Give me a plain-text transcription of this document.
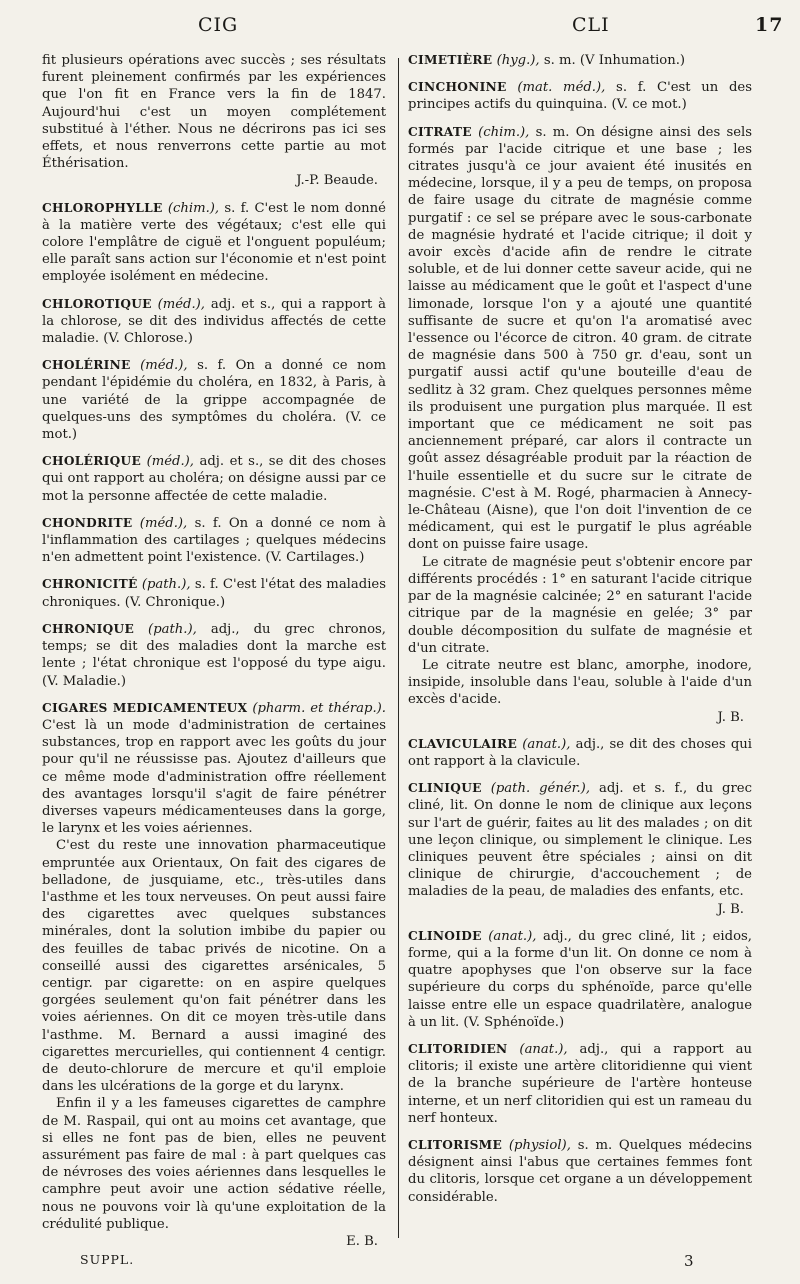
CIG	CLI	17

fit plusieurs opérations avec succès ; ses résultats furent pleinement confirmés par les expériences que l'on fit en France vers la fin de 1847. Aujourd'hui c'est un moyen complétement substitué à l'éther. Nous ne décrirons pas ici ses effets, et nous renverrons cette partie au mot Éthérisation.

J.-P. Beaude.

CHLOROPHYLLE (chim.), s. f. C'est le nom donné à la matière verte des végétaux; c'est elle qui colore l'emplâtre de ciguë et l'onguent populéum; elle paraît sans action sur l'économie et n'est point employée isolément en médecine.

CHLOROTIQUE (méd.), adj. et s., qui a rapport à la chlorose, se dit des individus affectés de cette maladie. (V. Chlorose.)

CHOLÉRINE (méd.), s. f. On a donné ce nom pendant l'épidémie du choléra, en 1832, à Paris, à une variété de la grippe accompagnée de quelques-uns des symptômes du choléra. (V. ce mot.)

CHOLÉRIQUE (méd.), adj. et s., se dit des choses qui ont rapport au choléra; on désigne aussi par ce mot la personne affectée de cette maladie.

CHONDRITE (méd.), s. f. On a donné ce nom à l'inflammation des cartilages ; quelques médecins n'en admettent point l'existence. (V. Cartilages.)

CHRONICITÉ (path.), s. f. C'est l'état des maladies chroniques. (V. Chronique.)

CHRONIQUE (path.), adj., du grec chronos, temps; se dit des maladies dont la marche est lente ; l'état chronique est l'opposé du type aigu. (V. Maladie.)

CIGARES MEDICAMENTEUX (pharm. et thérap.). C'est là un mode d'administration de certaines substances, trop en rapport avec les goûts du jour pour qu'il ne réussisse pas. Ajoutez d'ailleurs que ce même mode d'administration offre réellement des avantages lorsqu'il s'agit de faire pénétrer diverses vapeurs médicamenteuses dans la gorge, le larynx et les voies aériennes.

C'est du reste une innovation pharmaceutique empruntée aux Orientaux, On fait des cigares de belladone, de jusquiame, etc., très-utiles dans l'asthme et les toux nerveuses. On peut aussi faire des cigarettes avec quelques substances minérales, dont la solution imbibe du papier ou des feuilles de tabac privés de nicotine. On a conseillé aussi des cigarettes arsénicales, 5 centigr. par cigarette: on en aspire quelques gorgées seulement qu'on fait pénétrer dans les voies aériennes. On dit ce moyen très-utile dans l'asthme. M. Bernard a aussi imaginé des cigarettes mercurielles, qui contiennent 4 centigr. de deuto-chlorure de mercure et qu'il emploie dans les ulcérations de la gorge et du larynx.

Enfin il y a les fameuses cigarettes de camphre de M. Raspail, qui ont au moins cet avantage, que si elles ne font pas de bien, elles ne peuvent assurément pas faire de mal : à part quelques cas de névroses des voies aériennes dans lesquelles le camphre peut avoir une action sédative réelle, nous ne pouvons voir là qu'une exploitation de la crédulité publique.

E. B.

CIMETIÈRE (hyg.), s. m. (V Inhumation.)

CINCHONINE (mat. méd.), s. f. C'est un des principes actifs du quinquina. (V. ce mot.)

CITRATE (chim.), s. m. On désigne ainsi des sels formés par l'acide citrique et une base ; les citrates jusqu'à ce jour avaient été inusités en médecine, lorsque, il y a peu de temps, on proposa de faire usage du citrate de magnésie comme purgatif : ce sel se prépare avec le sous-carbonate de magnésie hydraté et l'acide citrique; il doit y avoir excès d'acide afin de rendre le citrate soluble, et de lui donner cette saveur acide, qui ne laisse au médicament que le goût et l'aspect d'une limonade, lorsque l'on y a ajouté une quantité suffisante de sucre et qu'on l'a aromatisé avec l'essence ou l'écorce de citron. 40 gram. de citrate de magnésie dans 500 à 750 gr. d'eau, sont un purgatif aussi actif qu'une bouteille d'eau de sedlitz à 32 gram. Chez quelques personnes même ils produisent une purgation plus marquée. Il est important que ce médicament ne soit pas anciennement préparé, car alors il contracte un goût assez désagréable produit par la réaction de l'huile essentielle et du sucre sur le citrate de magnésie. C'est à M. Rogé, pharmacien à Annecy-le-Château (Aisne), que l'on doit l'invention de ce médicament, qui est le purgatif le plus agréable dont on puisse faire usage.

Le citrate de magnésie peut s'obtenir encore par différents procédés : 1° en saturant l'acide citrique par de la magnésie calcinée; 2° en saturant l'acide citrique par de la magnésie en gelée; 3° par double décomposition du sulfate de magnésie et d'un citrate.

Le citrate neutre est blanc, amorphe, inodore, insipide, insoluble dans l'eau, soluble à l'aide d'un excès d'acide.

J. B.

CLAVICULAIRE (anat.), adj., se dit des choses qui ont rapport à la clavicule.

CLINIQUE (path. génér.), adj. et s. f., du grec cliné, lit. On donne le nom de clinique aux leçons sur l'art de guérir, faites au lit des malades ; on dit une leçon clinique, ou simplement le clinique. Les cliniques peuvent être spéciales ; ainsi on dit clinique de chirurgie, d'accouchement ; de maladies de la peau, de maladies des enfants, etc.

J. B.

CLINOIDE (anat.), adj., du grec cliné, lit ; eidos, forme, qui a la forme d'un lit. On donne ce nom à quatre apophyses que l'on observe sur la face supérieure du corps du sphénoïde, parce qu'elle laisse entre elle un espace quadrilatère, analogue à un lit. (V. Sphénoïde.)

CLITORIDIEN (anat.), adj., qui a rapport au clitoris; il existe une artère clitoridienne qui vient de la branche supérieure de l'artère honteuse interne, et un nerf clitoridien qui est un rameau du nerf honteux.

CLITORISME (physiol), s. m. Quelques médecins désignent ainsi l'abus que certaines femmes font du clitoris, lorsque cet organe a un développement considérable.

SUPPL.	3
